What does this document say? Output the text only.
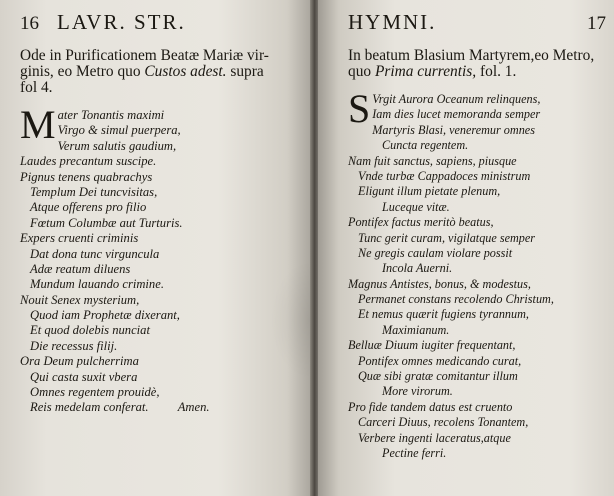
16 LAVR. STR.
Ode in Purificationem Beatæ Mariæ vir-
ginis, eo Metro quo Custos adest. supra
fol 4.
M ater Tonantis maximi
Virgo & simul puerpera,
Verum salutis gaudium,
Laudes precantum suscipe.
Pignus tenens quabrachys
Templum Dei tuncvisitas,
Atque offerens pro filio
Fœtum Columbæ aut Turturis.
Expers cruenti criminis
Dat dona tunc virguncula
Adæ reatum diluens
Mundum lauando crimine.
Nouit Senex mysterium,
Quod iam Prophetæ dixerant,
Et quod dolebis nunciat
Die recessus filij.
Ora Deum pulcherrima
Qui casta suxit vbera
Omnes regentem prouidè,
Reis medelam conferat. Amen.
HYMNI.	17
In beatum Blasium Martyrem,eo Metro,
quo Prima currentis, fol. 1.
S Vrgit Aurora Oceanum relinquens,
Iam dies lucet memoranda semper
Martyris Blasi, veneremur omnes
Cuncta regentem.
Nam fuit sanctus, sapiens, piusque
Vnde turbæ Cappadoces ministrum
Eligunt illum pietate plenum,
Luceque vitæ.
Pontifex factus meritò beatus,
Tunc gerit curam, vigilatque semper
Ne gregis caulam violare possit
Incola Auerni.
Magnus Antistes, bonus, & modestus,
Permanet constans recolendo Christum,
Et nemus quærit fugiens tyrannum,
Maximianum.
Belluæ Diuum iugiter frequentant,
Pontifex omnes medicando curat,
Quæ sibi gratæ comitantur illum
More virorum.
Pro fide tandem datus est cruento
Carceri Diuus, recolens Tonantem,
Verbere ingenti laceratus,atque
Pectine ferri.
